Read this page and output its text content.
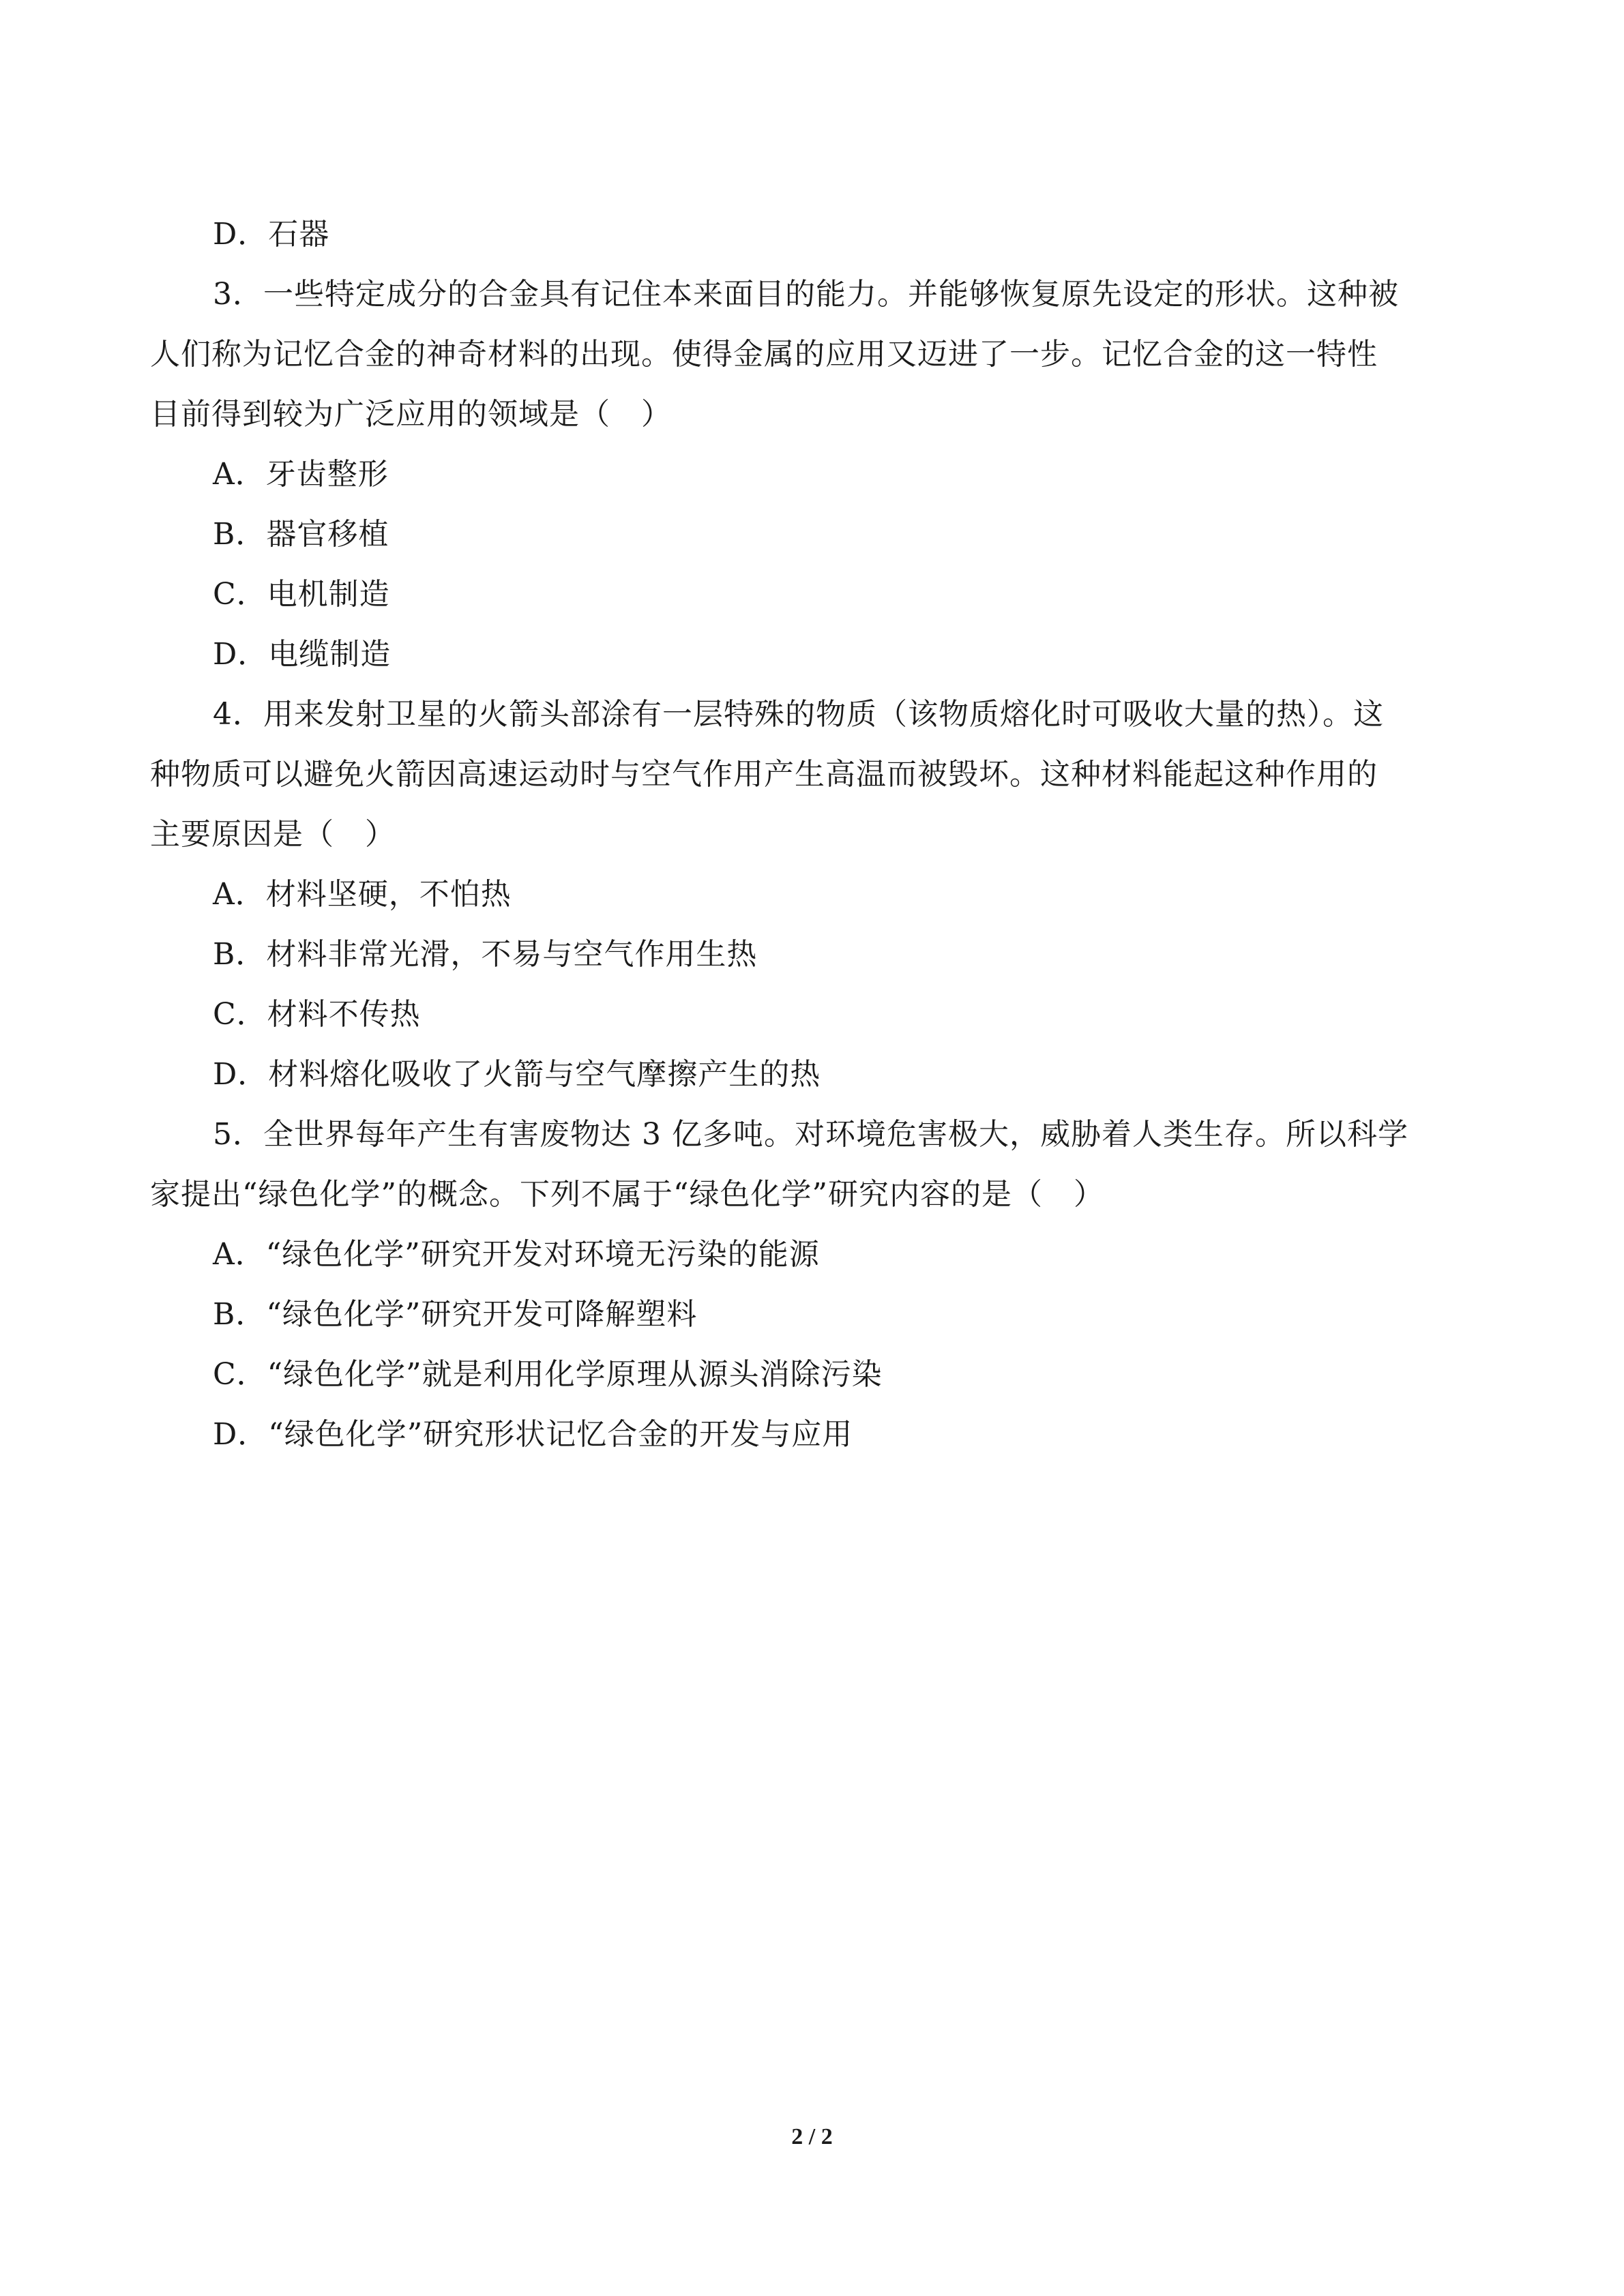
D．石器
3．一些特定成分的合金具有记住本来面目的能力。并能够恢复原先设定的形状。这种被
人们称为记忆合金的神奇材料的出现。使得金属的应用又迈进了一步。记忆合金的这一特性
目前得到较为广泛应用的领域是（　）
A．牙齿整形
B．器官移植
C．电机制造
D．电缆制造
4．用来发射卫星的火箭头部涂有一层特殊的物质（该物质熔化时可吸收大量的热）。这
种物质可以避免火箭因高速运动时与空气作用产生高温而被毁坏。这种材料能起这种作用的
主要原因是（　）
A．材料坚硬，不怕热
B．材料非常光滑，不易与空气作用生热
C．材料不传热
D．材料熔化吸收了火箭与空气摩擦产生的热
5．全世界每年产生有害废物达 3 亿多吨。对环境危害极大，威胁着人类生存。所以科学
家提出“绿色化学”的概念。下列不属于“绿色化学”研究内容的是（　）
A．“绿色化学”研究开发对环境无污染的能源
B．“绿色化学”研究开发可降解塑料
C．“绿色化学”就是利用化学原理从源头消除污染
D．“绿色化学”研究形状记忆合金的开发与应用
2 / 2
